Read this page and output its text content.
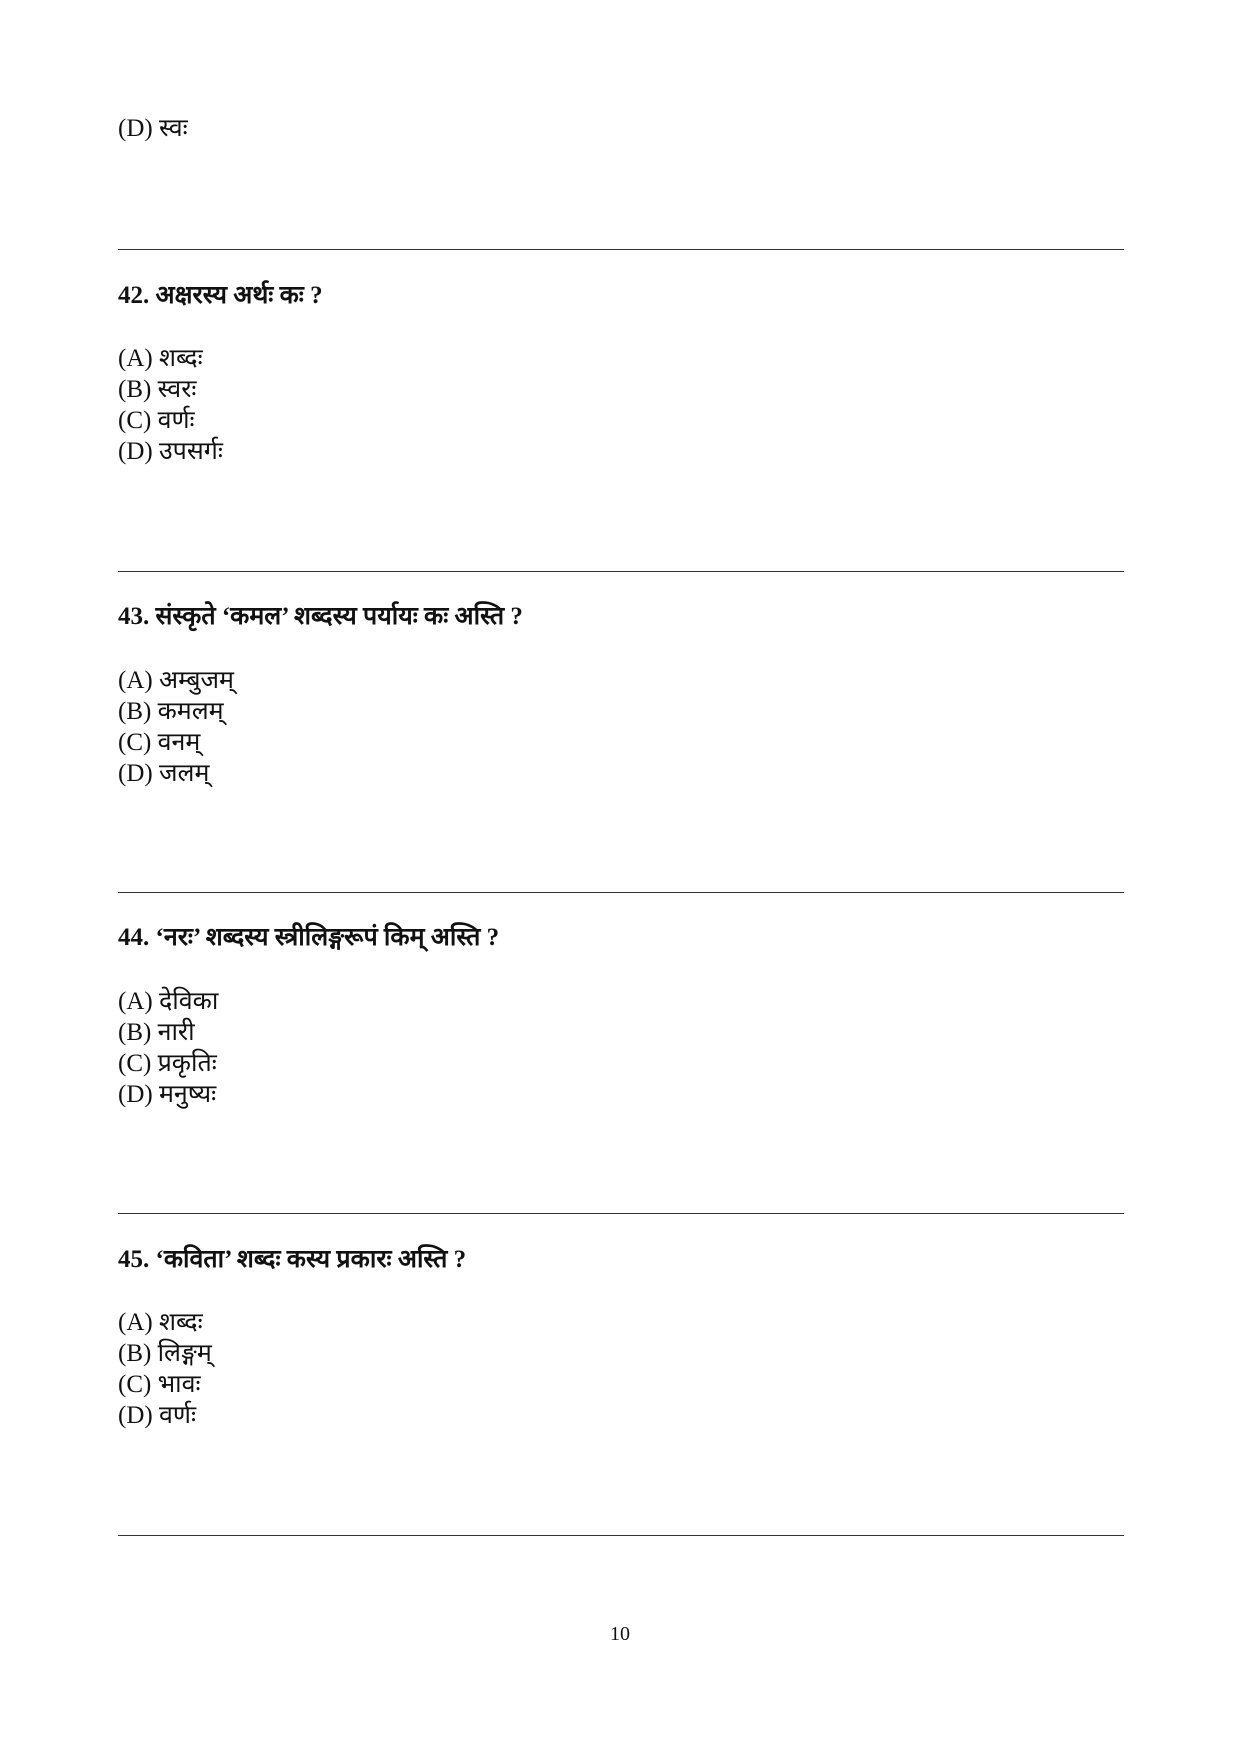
(D) स्वः
42. अक्षरस्य अर्थः कः ?
(A) शब्दः
(B) स्वरः
(C) वर्णः
(D) उपसर्गः
43. संस्कृते ‘कमल’ शब्दस्य पर्यायः कः अस्ति ?
(A) अम्बुजम्
(B) कमलम्
(C) वनम्
(D) जलम्
44. ‘नरः’ शब्दस्य स्त्रीलिङ्गरूपं किम् अस्ति ?
(A) देविका
(B) नारी
(C) प्रकृतिः
(D) मनुष्यः
45. ‘कविता’ शब्दः कस्य प्रकारः अस्ति ?
(A) शब्दः
(B) लिङ्गम्
(C) भावः
(D) वर्णः
10
